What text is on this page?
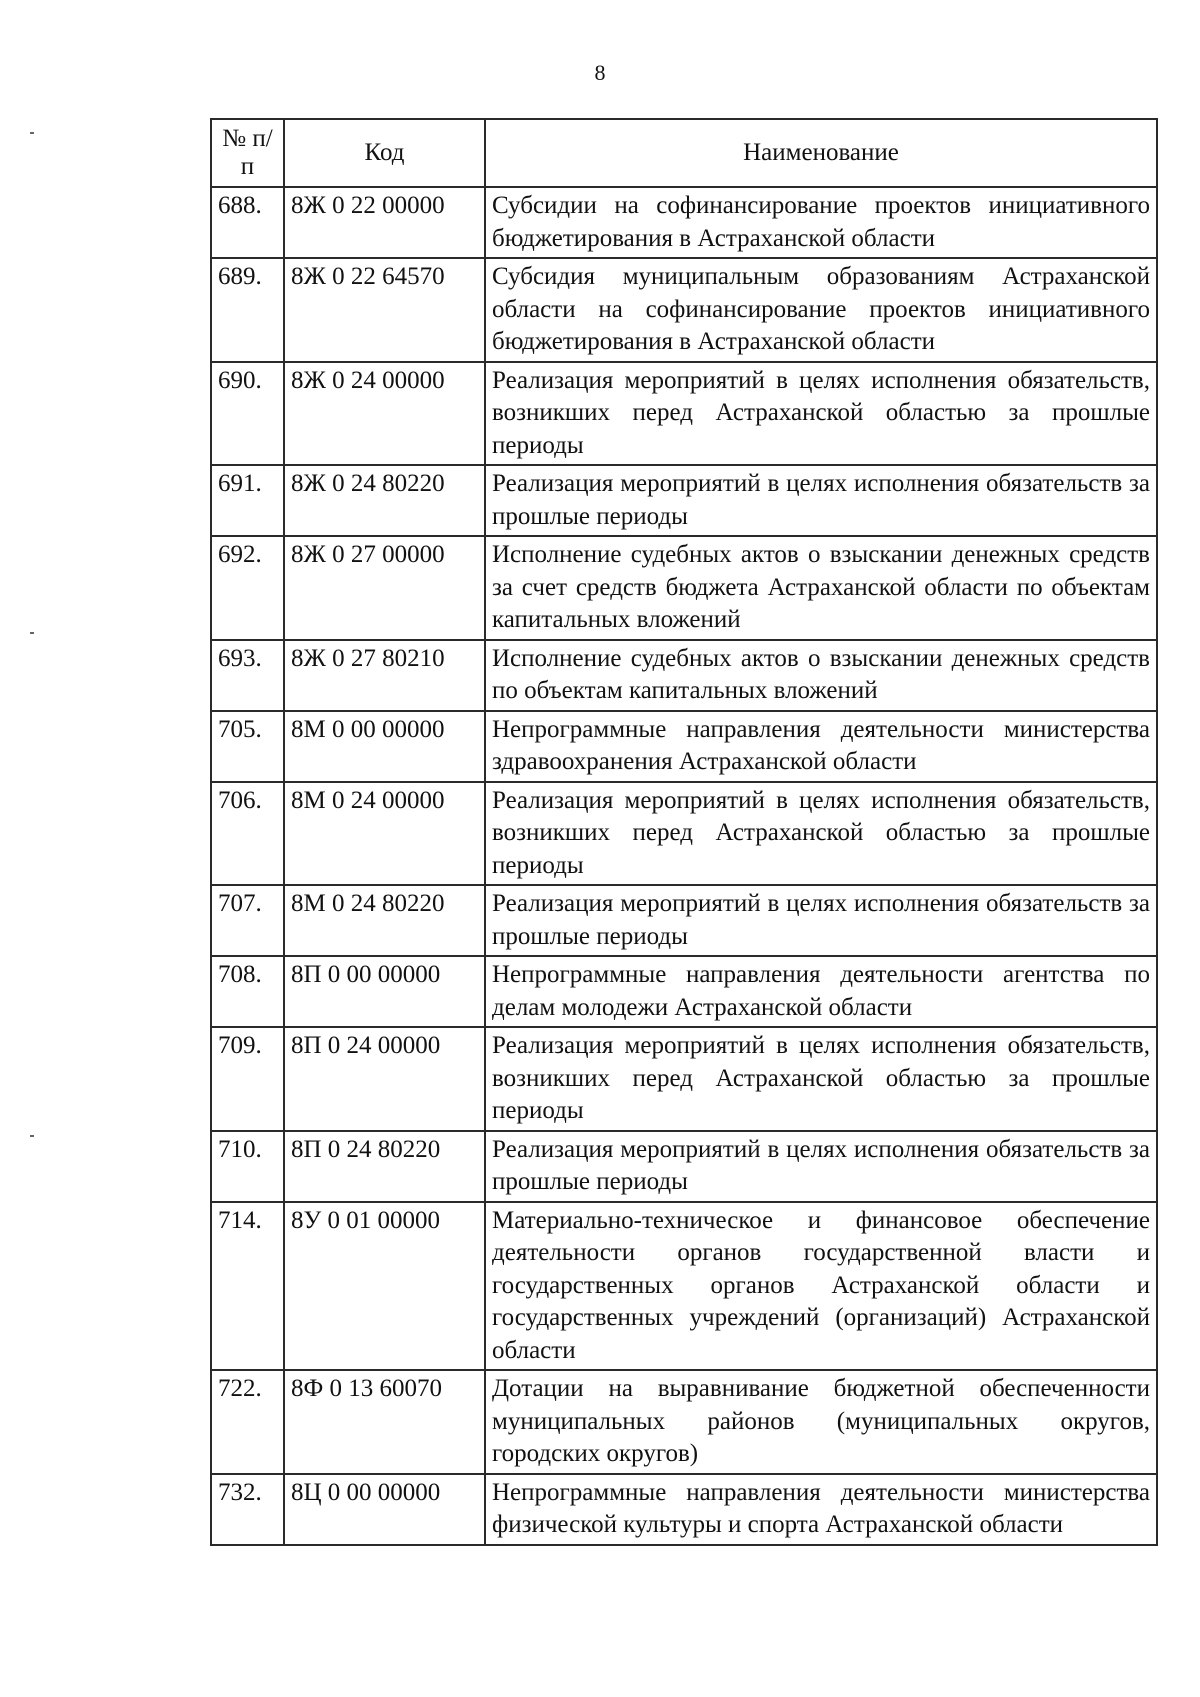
8
№ п/п	Код	Наименование
688.	8Ж 0 22 00000	Субсидии на софинансирование проектов инициативного бюджетирования в Астраханской области
689.	8Ж 0 22 64570	Субсидия муниципальным образованиям Астраханской области на софинансирование проектов инициативного бюджетирования в Астраханской области
690.	8Ж 0 24 00000	Реализация мероприятий в целях исполнения обязательств, возникших перед Астраханской областью за прошлые периоды
691.	8Ж 0 24 80220	Реализация мероприятий в целях исполнения обязательств за прошлые периоды
692.	8Ж 0 27 00000	Исполнение судебных актов о взыскании денежных средств за счет средств бюджета Астраханской области по объектам капитальных вложений
693.	8Ж 0 27 80210	Исполнение судебных актов о взыскании денежных средств по объектам капитальных вложений
705.	8М 0 00 00000	Непрограммные направления деятельности министерства здравоохранения Астраханской области
706.	8М 0 24 00000	Реализация мероприятий в целях исполнения обязательств, возникших перед Астраханской областью за прошлые периоды
707.	8М 0 24 80220	Реализация мероприятий в целях исполнения обязательств за прошлые периоды
708.	8П 0 00 00000	Непрограммные направления деятельности агентства по делам молодежи Астраханской области
709.	8П 0 24 00000	Реализация мероприятий в целях исполнения обязательств, возникших перед Астраханской областью за прошлые периоды
710.	8П 0 24 80220	Реализация мероприятий в целях исполнения обязательств за прошлые периоды
714.	8У 0 01 00000	Материально-техническое и финансовое обеспечение деятельности органов государственной власти и государственных органов Астраханской области и государственных учреждений (организаций) Астраханской области
722.	8Ф 0 13 60070	Дотации на выравнивание бюджетной обеспеченности муниципальных районов (муниципальных округов, городских округов)
732.	8Ц 0 00 00000	Непрограммные направления деятельности министерства физической культуры и спорта Астраханской области
